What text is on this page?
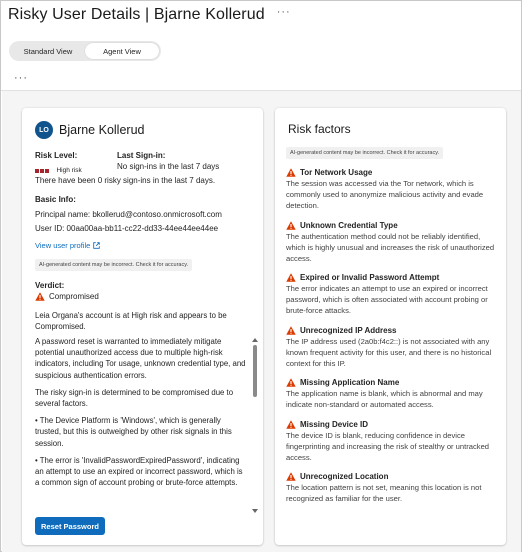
Risky User Details | Bjarne Kollerud ···
Standard View	Agent View
···
LO Bjarne Kollerud
Risk Level:
High risk
Last Sign-in:
No sign-ins in the last 7 days
There have been 0 risky sign-ins in the last 7 days.
Basic Info:
Principal name: bkollerud@contoso.onmicrosoft.com
User ID: 00aa00aa-bb11-cc22-dd33-44ee44ee44ee
View user profile
AI-generated content may be incorrect. Check it for accuracy.
Verdict:
Compromised
Leia Organa's account is at High risk and appears to be Compromised.

A password reset is warranted to immediately mitigate potential unauthorized access due to multiple high-risk indicators, including Tor usage, unknown credential type, and suspicious authentication errors.

The risky sign-in is determined to be compromised due to several factors.

• The Device Platform is 'Windows', which is generally trusted, but this is outweighed by other risk signals in this session.

• The error is 'InvalidPasswordExpiredPassword', indicating an attempt to use an expired or incorrect password, which is a common sign of account probing or brute-force attempts.

Reset Password
Risk factors
AI-generated content may be incorrect. Check it for accuracy.
Tor Network Usage
The session was accessed via the Tor network, which is commonly used to anonymize malicious activity and evade detection.
Unknown Credential Type
The authentication method could not be reliably identified, which is highly unusual and increases the risk of unauthorized access.
Expired or Invalid Password Attempt
The error indicates an attempt to use an expired or incorrect password, which is often associated with account probing or brute-force attacks.
Unrecognized IP Address
The IP address used (2a0b:f4c2::) is not associated with any known frequent activity for this user, and there is no historical context for this IP.
Missing Application Name
The application name is blank, which is abnormal and may indicate non-standard or automated access.
Missing Device ID
The device ID is blank, reducing confidence in device fingerprinting and increasing the risk of stealthy or untracked access.
Unrecognized Location
The location pattern is not set, meaning this location is not recognized as familiar for the user.
